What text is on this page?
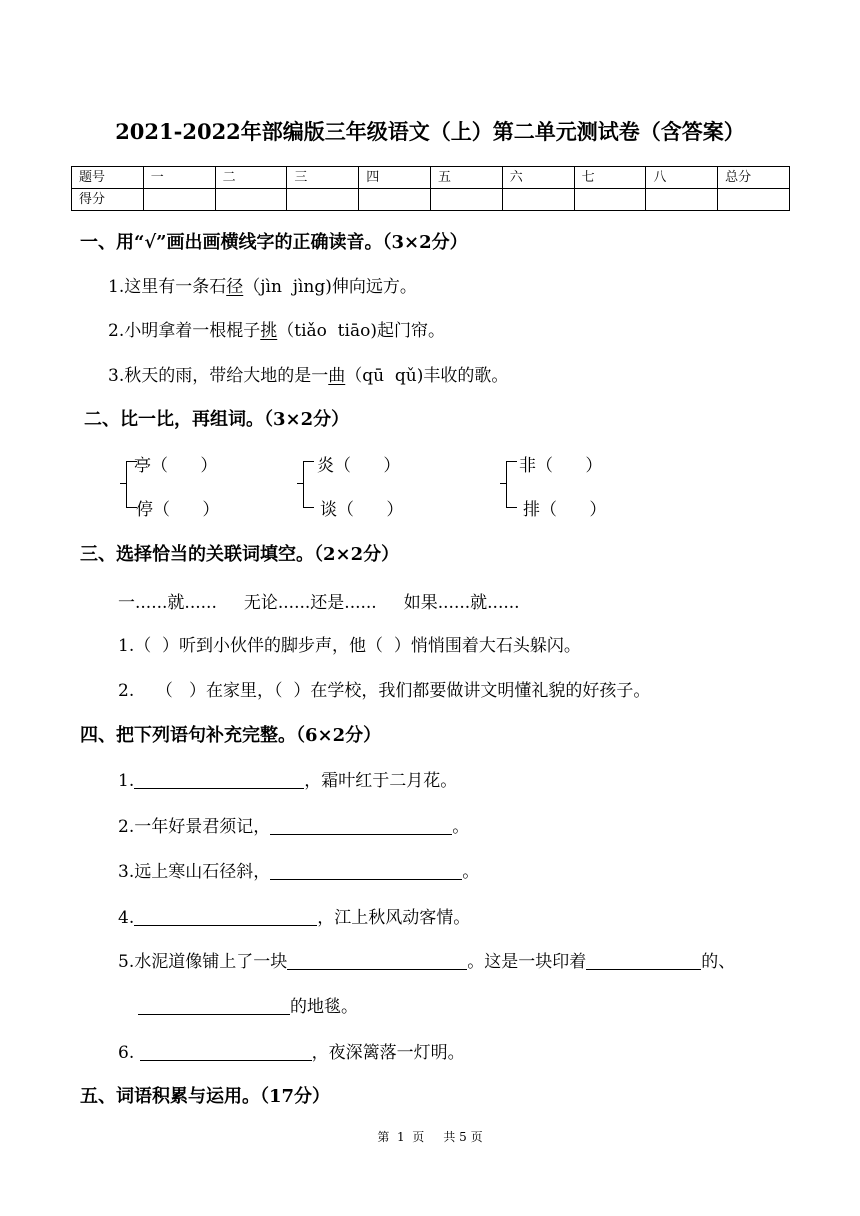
2021-2022年部编版三年级语文（上）第二单元测试卷（含答案）
题号	一	二	三	四	五	六	七	八	总分
得分									
一、用“√”画出画横线字的正确读音。（3×2分）
1.这里有一条石径（jìn  jìng)伸向远方。
2.小明拿着一根棍子挑（tiǎo  tiāo)起门帘。
3.秋天的雨，带给大地的是一曲（qū  qǔ)丰收的歌。
二、比一比，再组词。（3×2分）
亭（      ）
停（      ）
炎（      ）
谈（      ）
非（      ）
排（      ）
三、选择恰当的关联词填空。（2×2分）
一......就......     无论......还是......     如果......就......
1.（  ）听到小伙伴的脚步声，他（  ）悄悄围着大石头躲闪。
2.    （   ）在家里，（  ）在学校，我们都要做讲文明懂礼貌的好孩子。
四、把下列语句补充完整。（6×2分）
1.	，霜叶红于二月花。
2.一年好景君须记，	。
3.远上寒山石径斜，	。
4.	，江上秋风动客情。
5.水泥道像铺上了一块	。这是一块印着	的、
的地毯。
6.	，夜深篱落一灯明。
五、词语积累与运用。（17分）
第  1  页     共 5 页
